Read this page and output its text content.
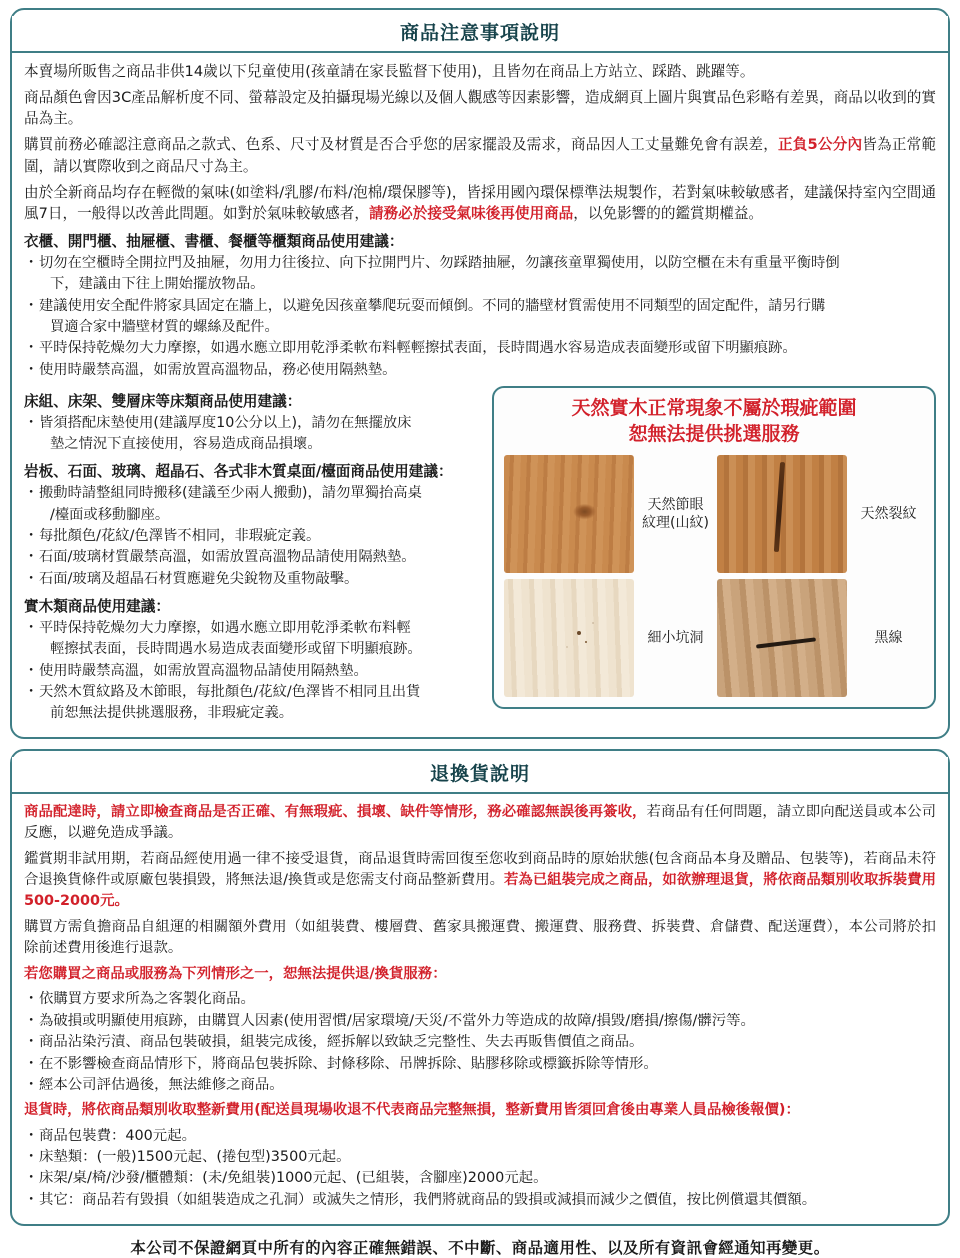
商品注意事項說明

本賣場所販售之商品非供14歲以下兒童使用(孩童請在家長監督下使用)，且皆勿在商品上方站立、踩踏、跳躍等。

商品顏色會因3C產品解析度不同、螢幕設定及拍攝現場光線以及個人觀感等因素影響，造成網頁上圖片與實品色彩略有差異，商品以收到的實品為主。

購買前務必確認注意商品之款式、色系、尺寸及材質是否合乎您的居家擺設及需求，商品因人工丈量難免會有誤差，正負5公分內皆為正常範圍，請以實際收到之商品尺寸為主。

由於全新商品均存在輕微的氣味(如塗料/乳膠/布料/泡棉/環保膠等)，皆採用國內環保標準法規製作，若對氣味較敏感者，建議保持室內空間通風7日，一般得以改善此問題。如對於氣味較敏感者，請務必於接受氣味後再使用商品，以免影響的的鑑賞期權益。

衣櫃、開門櫃、抽屜櫃、書櫃、餐櫃等櫃類商品使用建議：
・ 切勿在空櫃時全開拉門及抽屜，勿用力往後拉、向下拉開門片、勿踩踏抽屜，勿讓孩童單獨使用，以防空櫃在未有重量平衡時倒
下，建議由下往上開始擺放物品。
・ 建議使用安全配件將家具固定在牆上，以避免因孩童攀爬玩耍而傾倒。不同的牆壁材質需使用不同類型的固定配件，請另行購
買適合家中牆壁材質的螺絲及配件。
・ 平時保持乾燥勿大力摩擦，如遇水應立即用乾淨柔軟布料輕輕擦拭表面，長時間遇水容易造成表面變形或留下明顯痕跡。
・ 使用時嚴禁高溫，如需放置高溫物品，務必使用隔熱墊。
床組、床架、雙層床等床類商品使用建議：
・ 皆須搭配床墊使用(建議厚度10公分以上)，請勿在無擺放床
墊之情況下直接使用，容易造成商品損壞。
岩板、石面、玻璃、超晶石、各式非木質桌面/檯面商品使用建議：
・ 搬動時請整組同時搬移(建議至少兩人搬動)，請勿單獨抬高桌
/檯面或移動腳座。
・ 每批顏色/花紋/色澤皆不相同，非瑕疵定義。
・ 石面/玻璃材質嚴禁高溫，如需放置高溫物品請使用隔熱墊。
・ 石面/玻璃及超晶石材質應避免尖銳物及重物敲擊。
實木類商品使用建議：
・ 平時保持乾燥勿大力摩擦，如遇水應立即用乾淨柔軟布料輕
輕擦拭表面，長時間遇水易造成表面變形或留下明顯痕跡。
・ 使用時嚴禁高溫，如需放置高溫物品請使用隔熱墊。
・ 天然木質紋路及木節眼，每批顏色/花紋/色澤皆不相同且出貨
前恕無法提供挑選服務，非瑕疵定義。
天然實木正常現象不屬於瑕疵範圍
恕無法提供挑選服務
天然節眼
紋理(山紋)
天然裂紋
細小坑洞	黑線
退換貨說明

商品配達時，請立即檢查商品是否正確、有無瑕疵、損壞、缺件等情形，務必確認無誤後再簽收，若商品有任何問題，請立即向配送員或本公司反應，以避免造成爭議。

鑑賞期非試用期，若商品經使用過一律不接受退貨，商品退貨時需回復至您收到商品時的原始狀態(包含商品本身及贈品、包裝等)，若商品未符合退換貨條件或原廠包裝損毀，將無法退/換貨或是您需支付商品整新費用。若為已組裝完成之商品，如欲辦理退貨，將依商品類別收取拆裝費用500-2000元。

購買方需負擔商品自組運的相關額外費用（如組裝費、樓層費、舊家具搬運費、搬運費、服務費、拆裝費、倉儲費、配送運費），本公司將於扣除前述費用後進行退款。

若您購買之商品或服務為下列情形之一，恕無法提供退/換貨服務：

・ 依購買方要求所為之客製化商品。
・ 為破損或明顯使用痕跡，由購買人因素(使用習慣/居家環境/天災/不當外力等造成的故障/損毀/磨損/擦傷/髒污等。
・ 商品沾染污漬、商品包裝破損，組裝完成後，經拆解以致缺乏完整性、失去再販售價值之商品。
・ 在不影響檢查商品情形下，將商品包裝拆除、封條移除、吊牌拆除、貼膠移除或標籤拆除等情形。
・ 經本公司評估過後，無法維修之商品。

退貨時，將依商品類別收取整新費用(配送員現場收退不代表商品完整無損，整新費用皆須回倉後由專業人員品檢後報價)：

・ 商品包裝費：400元起。
・ 床墊類：(一般)1500元起、(捲包型)3500元起。
・ 床架/桌/椅/沙發/櫃體類：(未/免組裝)1000元起、(已組裝，含腳座)2000元起。
・ 其它：商品若有毀損（如組裝造成之孔洞）或滅失之情形，我們將就商品的毀損或減損而減少之價值，按比例償還其價額。
本公司不保證網頁中所有的內容正確無錯誤、不中斷、商品適用性、以及所有資訊會經通知再變更。
